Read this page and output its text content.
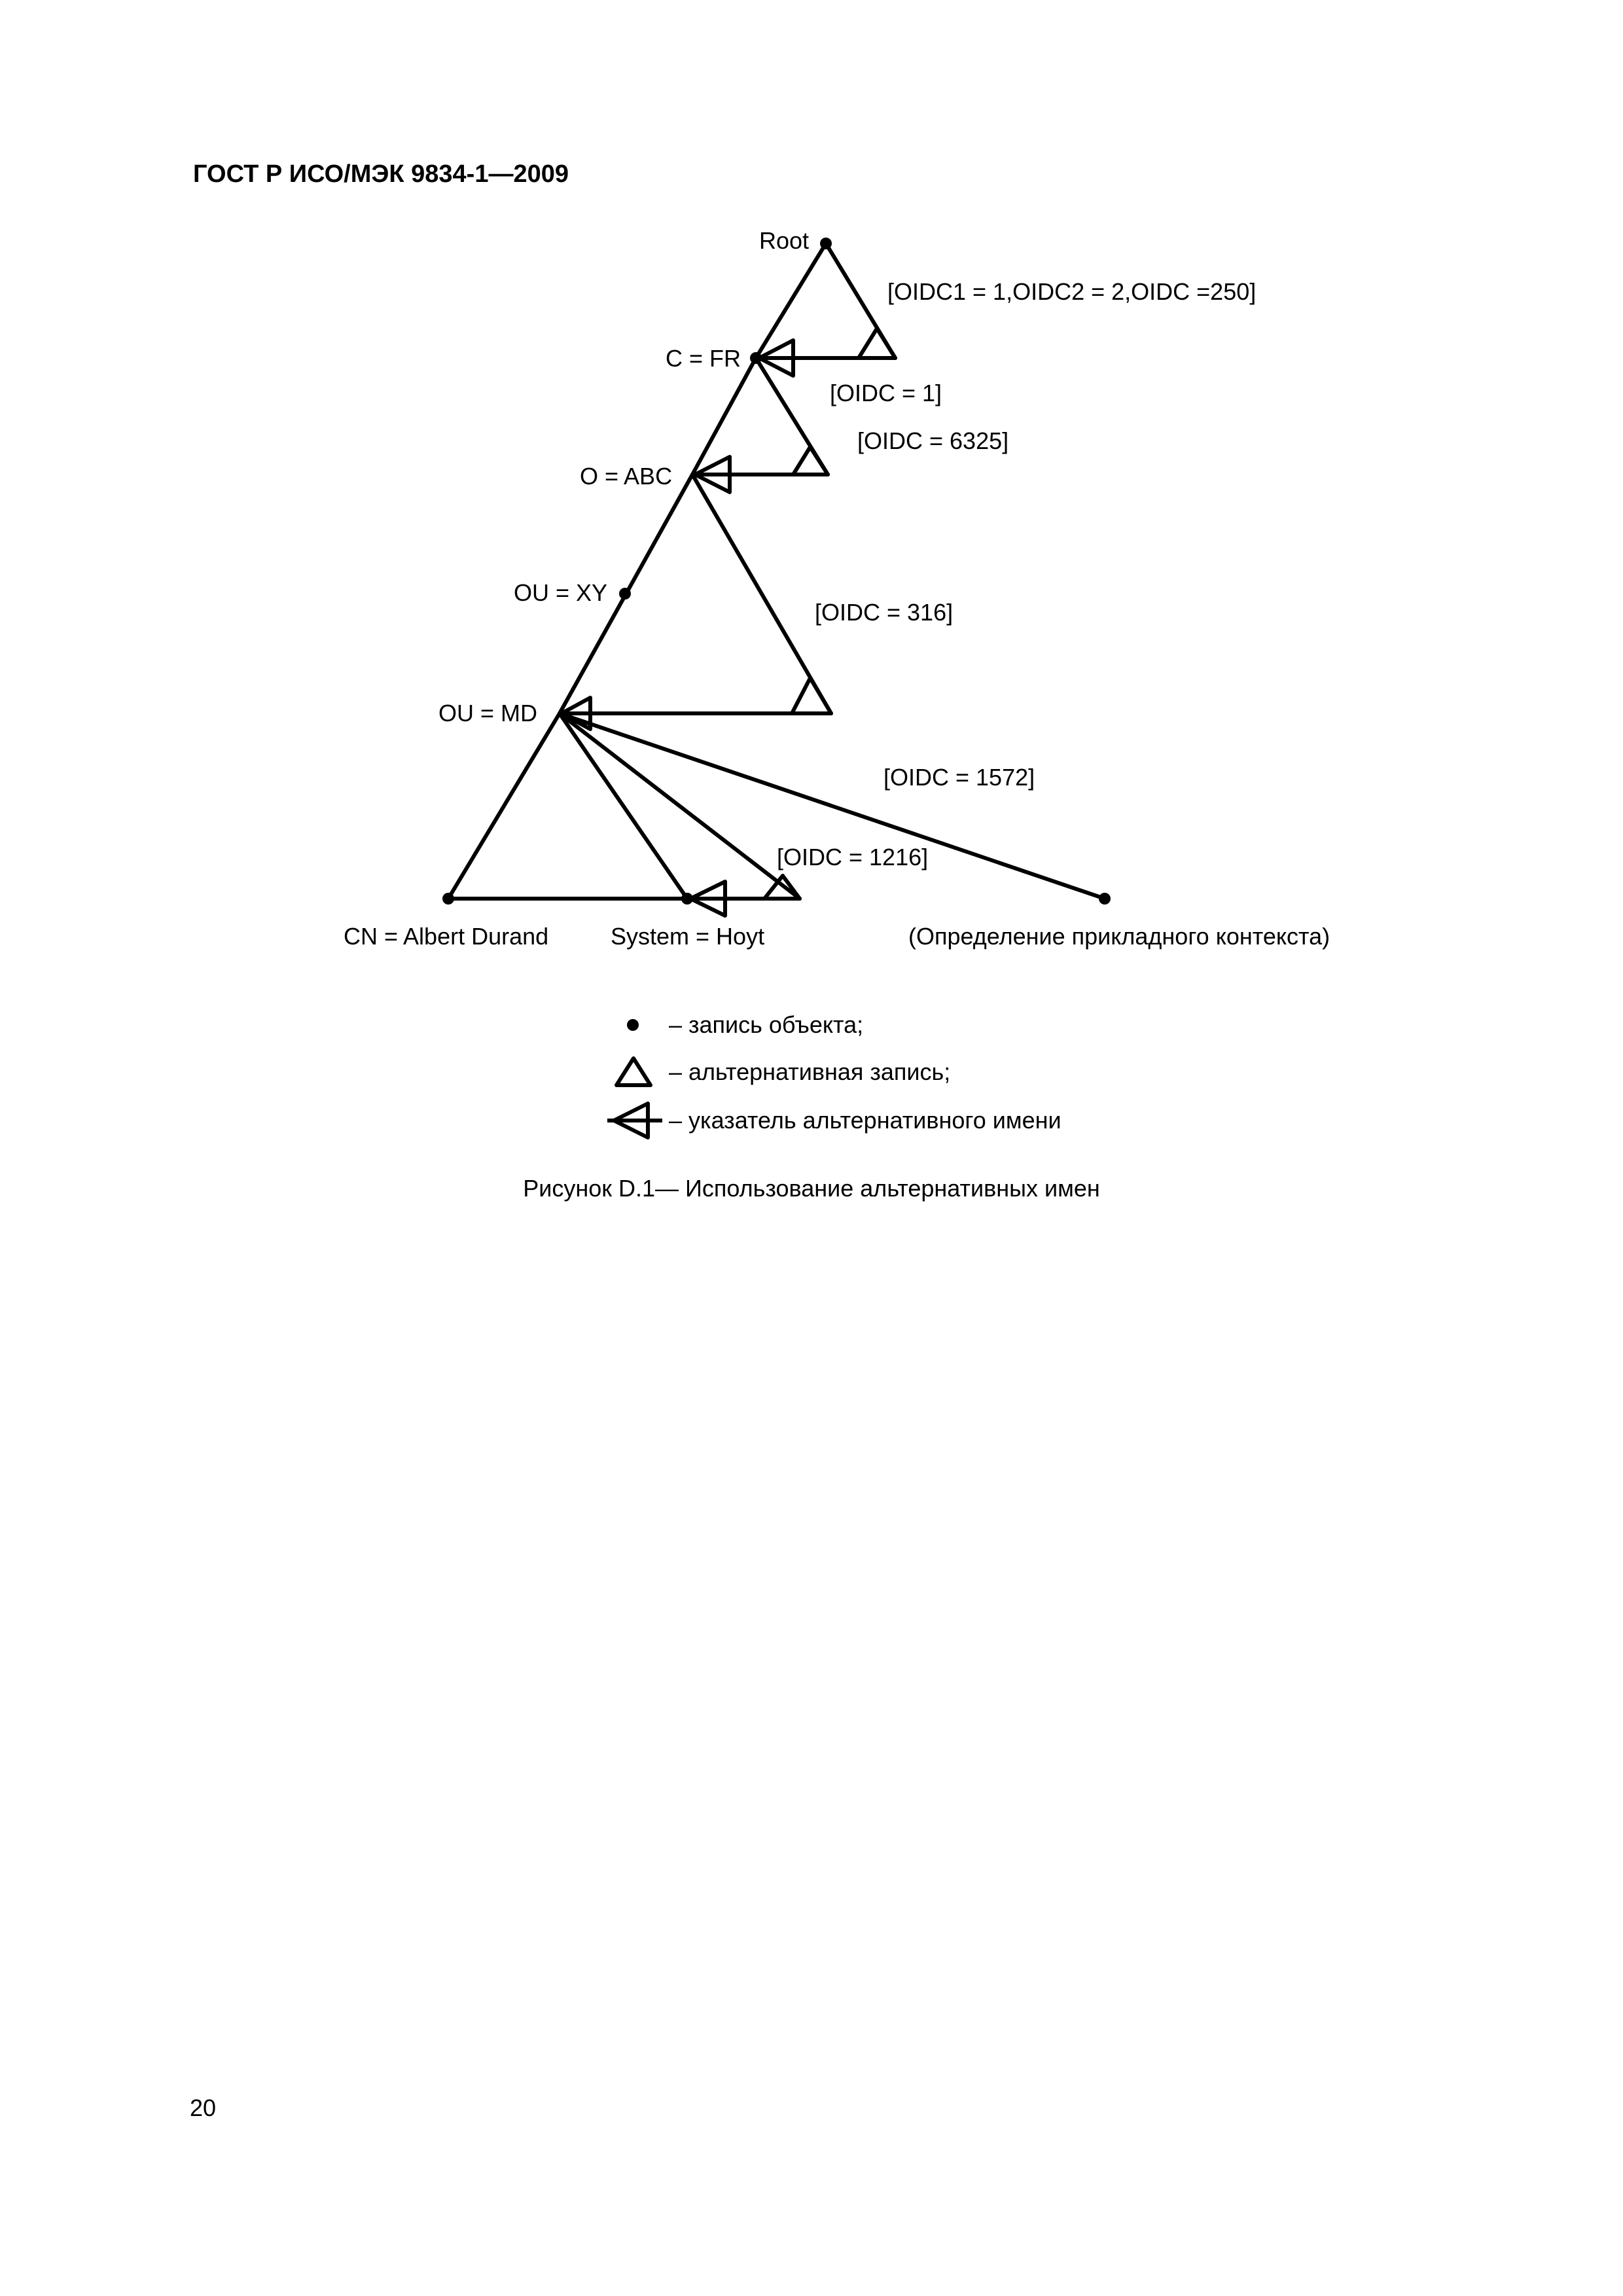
ГОСТ Р ИСО/МЭК 9834-1—2009
Root
C = FR
O = ABC
OU = XY
OU = MD
CN = Albert Durand	System = Hoyt	(Определение прикладного контекста)
[OIDC1 = 1,OIDC2 = 2,OIDC =250]
[OIDC = 1]
[OIDC = 6325]
[OIDC = 316]
[OIDC = 1572]
[OIDC = 1216]
– запись объекта;
– альтернативная запись;
– указатель альтернативного имени
Рисунок D.1— Использование альтернативных имен
20
